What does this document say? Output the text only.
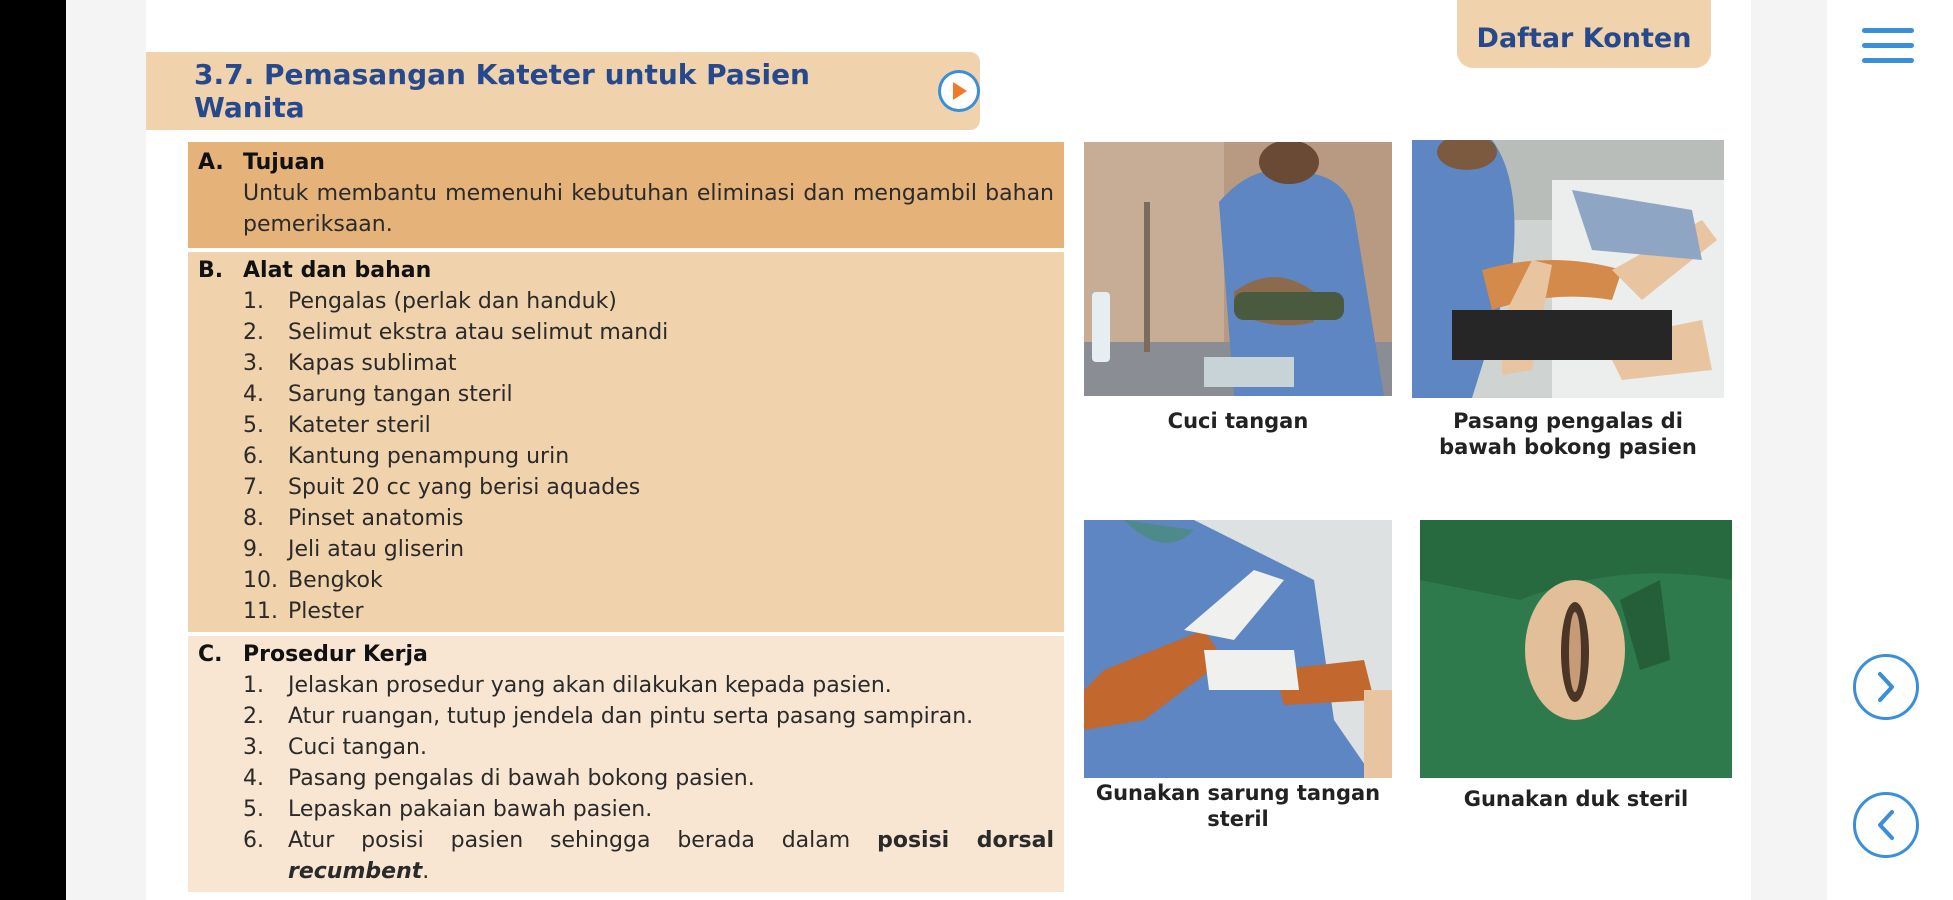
Daftar Konten
3.7. Pemasangan Kateter untuk Pasien Wanita
A. Tujuan
Untuk membantu memenuhi kebutuhan eliminasi dan mengambil bahan pemeriksaan.
B. Alat dan bahan
1.	Pengalas (perlak dan handuk)
2.	Selimut ekstra atau selimut mandi
3.	Kapas sublimat
4.	Sarung tangan steril
5.	Kateter steril
6.	Kantung penampung urin
7.	Spuit 20 cc yang berisi aquades
8.	Pinset anatomis
9.	Jeli atau gliserin
10. Bengkok
11. Plester
C. Prosedur Kerja
1.	Jelaskan prosedur yang akan dilakukan kepada pasien.
2.	Atur ruangan, tutup jendela dan pintu serta pasang sampiran.
3.	Cuci tangan.
4.	Pasang pengalas di bawah bokong pasien.
5.	Lepaskan pakaian bawah pasien.
6.	Atur posisi pasien sehingga berada dalam posisi dorsal
recumbent.
Cuci tangan	Pasang pengalas di bawah bokong pasien
Gunakan sarung tangan steril
Gunakan duk steril
